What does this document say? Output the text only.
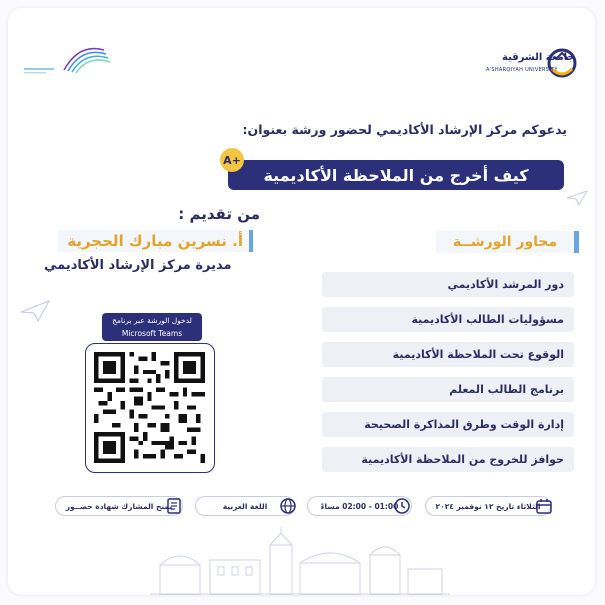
جامعة الشرقية
A'SHARQIYAH UNIVERSITY
يدعوكم مركز الإرشاد الأكاديمي لحضور ورشة بعنوان:
كيف أخرج من الملاحظة الأكاديمية
A+
من تقديم :
أ. نسرين مبارك الحجرية
مديرة مركز الإرشاد الأكاديمي
محاور الورشــة
دور المرشد الأكاديمي
مسؤوليات الطالب الأكاديمية
الوقوع تحت الملاحظة الأكاديمية
برنامج الطالب المعلم
إدارة الوقت وطرق المذاكرة الصحيحة
حوافز للخروج من الملاحظة الأكاديمية
لدخول الورشة عبر برنامج
Microsoft Teams
الثلاثاء تاريخ ١٢ نوفمبر ٢٠٢٤
01:00 - 02:00 مساءً
اللغة العربية
يمنح المشارك شهادة حضــور
